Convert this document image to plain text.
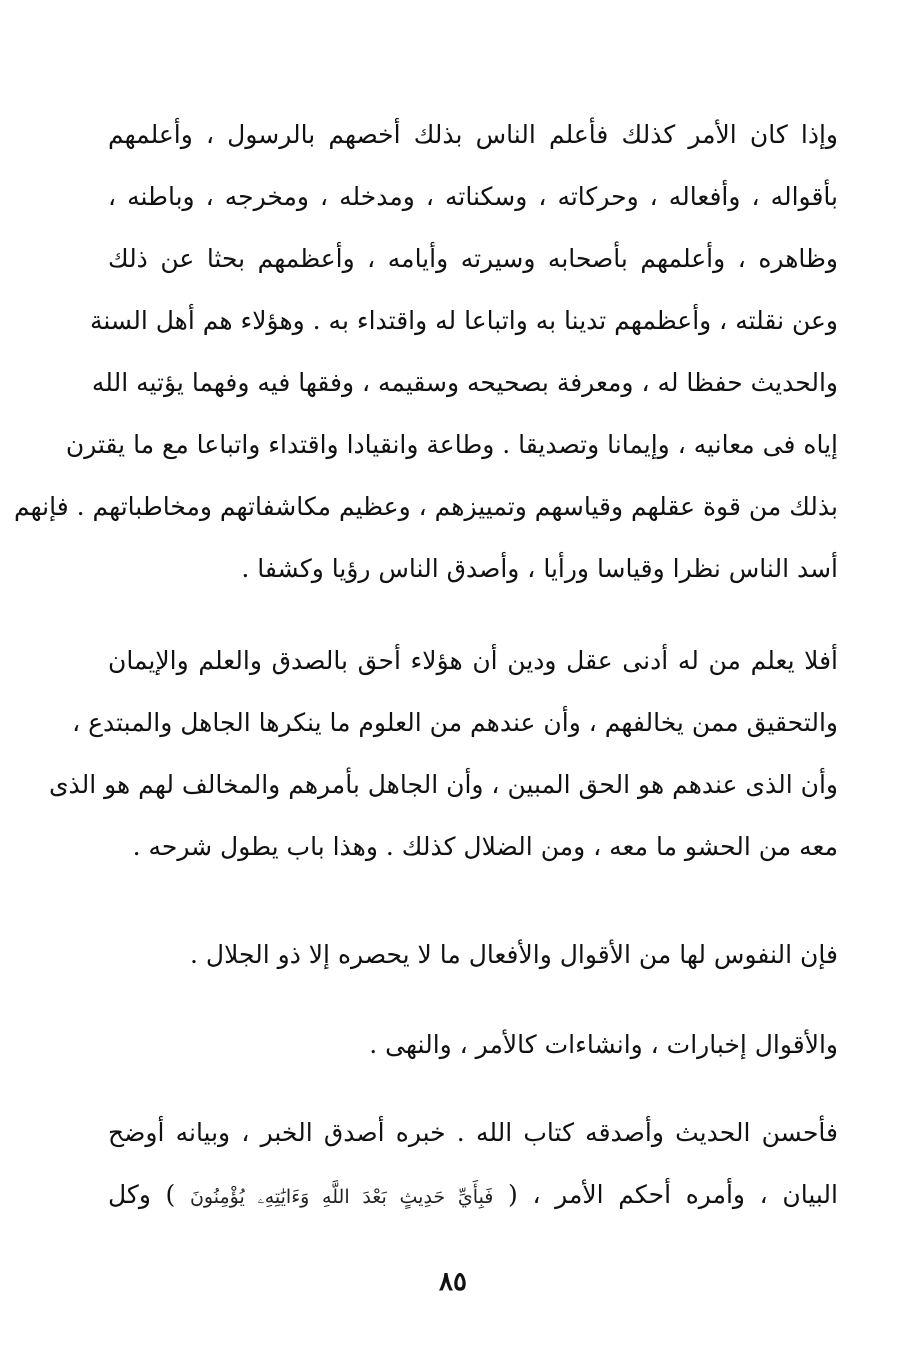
وإذا كان الأمر كذلك فأعلم الناس بذلك أخصهم بالرسول ، وأعلمهم
بأقواله ، وأفعاله ، وحركاته ، وسكناته ، ومدخله ، ومخرجه ، وباطنه ،
وظاهره ، وأعلمهم بأصحابه وسيرته وأيامه ، وأعظمهم بحثا عن ذلك
وعن نقلته ، وأعظمهم تدينا به واتباعا له واقتداء به . وهؤلاء هم أهل السنة
والحديث حفظا له ، ومعرفة بصحيحه وسقيمه ، وفقها فيه وفهما يؤتيه الله
إياه فى معانيه ، وإيمانا وتصديقا . وطاعة وانقيادا واقتداء واتباعا مع ما يقترن
بذلك من قوة عقلهم وقياسهم وتمييزهم ، وعظيم مكاشفاتهم ومخاطباتهم . فإنهم
أسد الناس نظرا وقياسا ورأيا ، وأصدق الناس رؤيا وكشفا .
أفلا يعلم من له أدنى عقل ودين أن هؤلاء أحق بالصدق والعلم والإيمان
والتحقيق ممن يخالفهم ، وأن عندهم من العلوم ما ينكرها الجاهل والمبتدع ،
وأن الذى عندهم هو الحق المبين ، وأن الجاهل بأمرهم والمخالف لهم هو الذى
معه من الحشو ما معه ، ومن الضلال كذلك . وهذا باب يطول شرحه .
فإن النفوس لها من الأقوال والأفعال ما لا يحصره إلا ذو الجلال .
والأقوال إخبارات ، وانشاءات كالأمر ، والنهى .
فأحسن الحديث وأصدقه كتاب الله . خبره أصدق الخبر ، وبيانه أوضح
البيان ، وأمره أحكم الأمر ، ( فَبِأَيِّ حَدِيثٍ بَعْدَ اللَّهِ وَءَايَٰتِهِۦ يُؤْمِنُونَ ) وكل
٨٥
